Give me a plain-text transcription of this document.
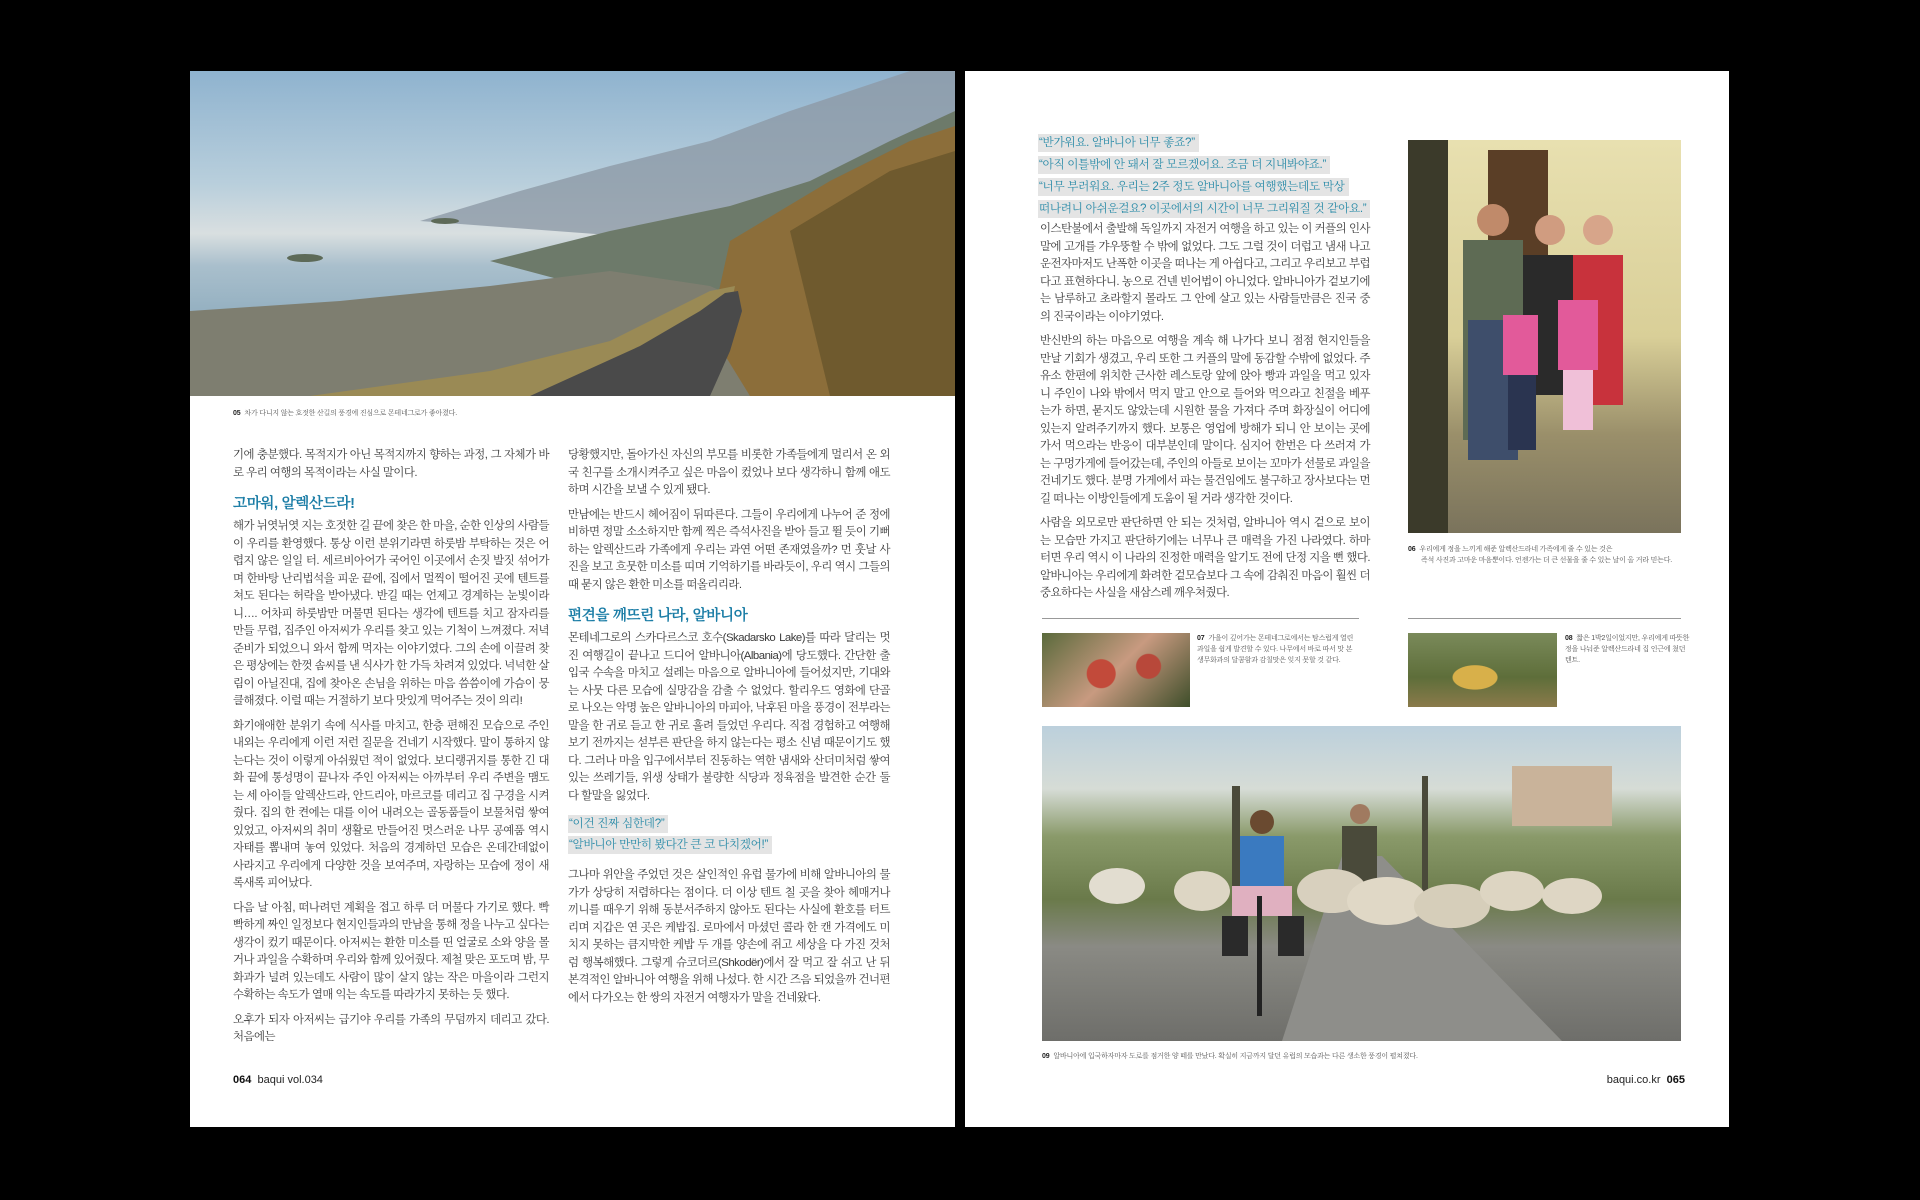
05 차가 다니지 않는 호젓한 산길의 풍경에 진심으로 몬테네그로가 좋아졌다.

기에 충분했다. 목적지가 아닌 목적지까지 향하는 과정, 그 자체가 바로 우리 여행의 목적이라는 사실 말이다.

고마워, 알렉산드라!

해가 뉘엿뉘엿 지는 호젓한 길 끝에 찾은 한 마을, 순한 인상의 사람들이 우리를 환영했다. 통상 이런 분위기라면 하룻밤 부탁하는 것은 어렵지 않은 일일 터. 세르비아어가 국어인 이곳에서 손짓 발짓 섞어가며 한바탕 난리법석을 피운 끝에, 집에서 멀찍이 떨어진 곳에 텐트를 쳐도 된다는 허락을 받아냈다. 반길 때는 언제고 경계하는 눈빛이라니…. 어차피 하룻밤만 머물면 된다는 생각에 텐트를 치고 잠자리를 만들 무렵, 집주인 아저씨가 우리를 찾고 있는 기척이 느껴졌다. 저녁 준비가 되었으니 와서 함께 먹자는 이야기였다. 그의 손에 이끌려 찾은 평상에는 한껏 솜씨를 낸 식사가 한 가득 차려져 있었다. 넉넉한 살림이 아닐진대, 집에 찾아온 손님을 위하는 마음 씀씀이에 가슴이 뭉클해졌다. 이럴 때는 거절하기 보다 맛있게 먹어주는 것이 의리!

화기애애한 분위기 속에 식사를 마치고, 한층 편해진 모습으로 주인 내외는 우리에게 이런 저런 질문을 건네기 시작했다. 말이 통하지 않는다는 것이 이렇게 아쉬웠던 적이 없었다. 보디랭귀지를 통한 긴 대화 끝에 통성명이 끝나자 주인 아저씨는 아까부터 우리 주변을 맴도는 세 아이들 알렉산드라, 안드리아, 마르코를 데리고 집 구경을 시켜줬다. 집의 한 켠에는 대를 이어 내려오는 골동품들이 보물처럼 쌓여 있었고, 아저씨의 취미 생활로 만들어진 멋스러운 나무 공예품 역시 자태를 뽐내며 놓여 있었다. 처음의 경계하던 모습은 온데간데없이 사라지고 우리에게 다양한 것을 보여주며, 자랑하는 모습에 정이 새록새록 피어났다.

다음 날 아침, 떠나려던 계획을 접고 하루 더 머물다 가기로 했다. 빡빡하게 짜인 일정보다 현지인들과의 만남을 통해 정을 나누고 싶다는 생각이 컸기 때문이다. 아저씨는 환한 미소를 띤 얼굴로 소와 양을 몰거나 과일을 수확하며 우리와 함께 있어줬다. 제철 맞은 포도며 밤, 무화과가 널려 있는데도 사람이 많이 살지 않는 작은 마을이라 그런지 수확하는 속도가 열매 익는 속도를 따라가지 못하는 듯 했다.

오후가 되자 아저씨는 급기야 우리를 가족의 무덤까지 데리고 갔다. 처음에는

당황했지만, 돌아가신 자신의 부모를 비롯한 가족들에게 멀리서 온 외국 친구를 소개시켜주고 싶은 마음이 컸었나 보다 생각하니 함께 애도하며 시간을 보낼 수 있게 됐다.

만남에는 반드시 헤어짐이 뒤따른다. 그들이 우리에게 나누어 준 정에 비하면 정말 소소하지만 함께 찍은 즉석사진을 받아 들고 뛸 듯이 기뻐하는 알렉산드라 가족에게 우리는 과연 어떤 존재였을까? 먼 훗날 사진을 보고 흐뭇한 미소를 띠며 기억하기를 바라듯이, 우리 역시 그들의 때 묻지 않은 환한 미소를 떠올리리라.

편견을 깨뜨린 나라, 알바니아

몬테네그로의 스카다르스코 호수(Skadarsko Lake)를 따라 달리는 멋진 여행길이 끝나고 드디어 알바니아(Albania)에 당도했다. 간단한 출입국 수속을 마치고 설레는 마음으로 알바니아에 들어섰지만, 기대와는 사뭇 다른 모습에 실망감을 감출 수 없었다. 할리우드 영화에 단골로 나오는 악명 높은 알바니아의 마피아, 낙후된 마을 풍경이 전부라는 말을 한 귀로 듣고 한 귀로 흘려 들었던 우리다. 직접 경험하고 여행해보기 전까지는 섣부른 판단을 하지 않는다는 평소 신념 때문이기도 했다. 그러나 마을 입구에서부터 진동하는 역한 냄새와 산더미처럼 쌓여 있는 쓰레기들, 위생 상태가 불량한 식당과 정육점을 발견한 순간 둘 다 할말을 잃었다.

“이건 진짜 심한데?”
“알바니아 만만히 봤다간 큰 코 다치겠어!”

그나마 위안을 주었던 것은 살인적인 유럽 물가에 비해 알바니아의 물가가 상당히 저렴하다는 점이다. 더 이상 텐트 칠 곳을 찾아 헤매거나 끼니를 때우기 위해 동분서주하지 않아도 된다는 사실에 환호를 터트리며 지갑은 연 곳은 케밥집. 로마에서 마셨던 콜라 한 캔 가격에도 미치지 못하는 큼지막한 케밥 두 개를 양손에 쥐고 세상을 다 가진 것처럼 행복해했다. 그렇게 슈코더르(Shkodër)에서 잘 먹고 잘 쉬고 난 뒤 본격적인 알바니아 여행을 위해 나섰다. 한 시간 즈음 되었을까 건너편에서 다가오는 한 쌍의 자전거 여행자가 말을 건네왔다.

064 baqui vol.034
“반가워요. 알바니아 너무 좋죠?”
“아직 이틀밖에 안 돼서 잘 모르겠어요. 조금 더 지내봐야죠.”
“너무 부러워요. 우리는 2주 정도 알바니아를 여행했는데도 막상
떠나려니 아쉬운걸요? 이곳에서의 시간이 너무 그리워질 것 같아요.”

이스탄불에서 출발해 독일까지 자전거 여행을 하고 있는 이 커플의 인사말에 고개를 갸우뚱할 수 밖에 없었다. 그도 그럴 것이 더럽고 냄새 나고 운전자마저도 난폭한 이곳을 떠나는 게 아쉽다고, 그리고 우리보고 부럽다고 표현하다니. 농으로 건넨 빈어법이 아니었다. 알바니아가 겉보기에는 남루하고 초라할지 몰라도 그 안에 살고 있는 사람들만큼은 진국 중의 진국이라는 이야기였다.

반신반의 하는 마음으로 여행을 계속 해 나가다 보니 점점 현지인들을 만날 기회가 생겼고, 우리 또한 그 커플의 말에 동감할 수밖에 없었다. 주유소 한편에 위치한 근사한 레스토랑 앞에 앉아 빵과 과일을 먹고 있자니 주인이 나와 밖에서 먹지 말고 안으로 들어와 먹으라고 친절을 베푸는가 하면, 묻지도 않았는데 시원한 물을 가져다 주며 화장실이 어디에 있는지 알려주기까지 했다. 보통은 영업에 방해가 되니 안 보이는 곳에 가서 먹으라는 반응이 대부분인데 말이다. 심지어 한번은 다 쓰러져 가는 구멍가게에 들어갔는데, 주인의 아들로 보이는 꼬마가 선물로 과일을 건네기도 했다. 분명 가게에서 파는 물건임에도 불구하고 장사보다는 먼 길 떠나는 이방인들에게 도움이 될 거라 생각한 것이다.

사람을 외모로만 판단하면 안 되는 것처럼, 알바니아 역시 겉으로 보이는 모습만 가지고 판단하기에는 너무나 큰 매력을 가진 나라였다. 하마터면 우리 역시 이 나라의 진정한 매력을 알기도 전에 단정 지을 뻔 했다. 알바니아는 우리에게 화려한 겉모습보다 그 속에 감춰진 마음이 훨씬 더 중요하다는 사실을 새삼스레 깨우쳐줬다.

06 우리에게 정을 느끼게 해준 알렉산드라네 가족에게 줄 수 있는 것은
즉석 사진과 고마운 마음뿐이다. 언젠가는 더 큰 선물을 줄 수 있는 날이 올 거라 믿는다.
07 가을이 깊어가는 몬테네그로에서는 탐스럽게 열린 과일을 쉽게 발견할 수 있다. 나무에서 바로 따서 맛 본 생무화과의 달콤함과 감칠맛은 잊지 못할 것 같다.
08 짧은 1박2일이었지만, 우리에게 따뜻한 정을 나눠준 알렉산드라네 집 인근에 쳤던 텐트.
09 알바니아에 입국하자마자 도로를 점거한 양 떼를 만났다. 확실히 지금까지 달던 유럽의 모습과는 다른 생소한 풍경이 펼쳐졌다.
baqui.co.kr 065
